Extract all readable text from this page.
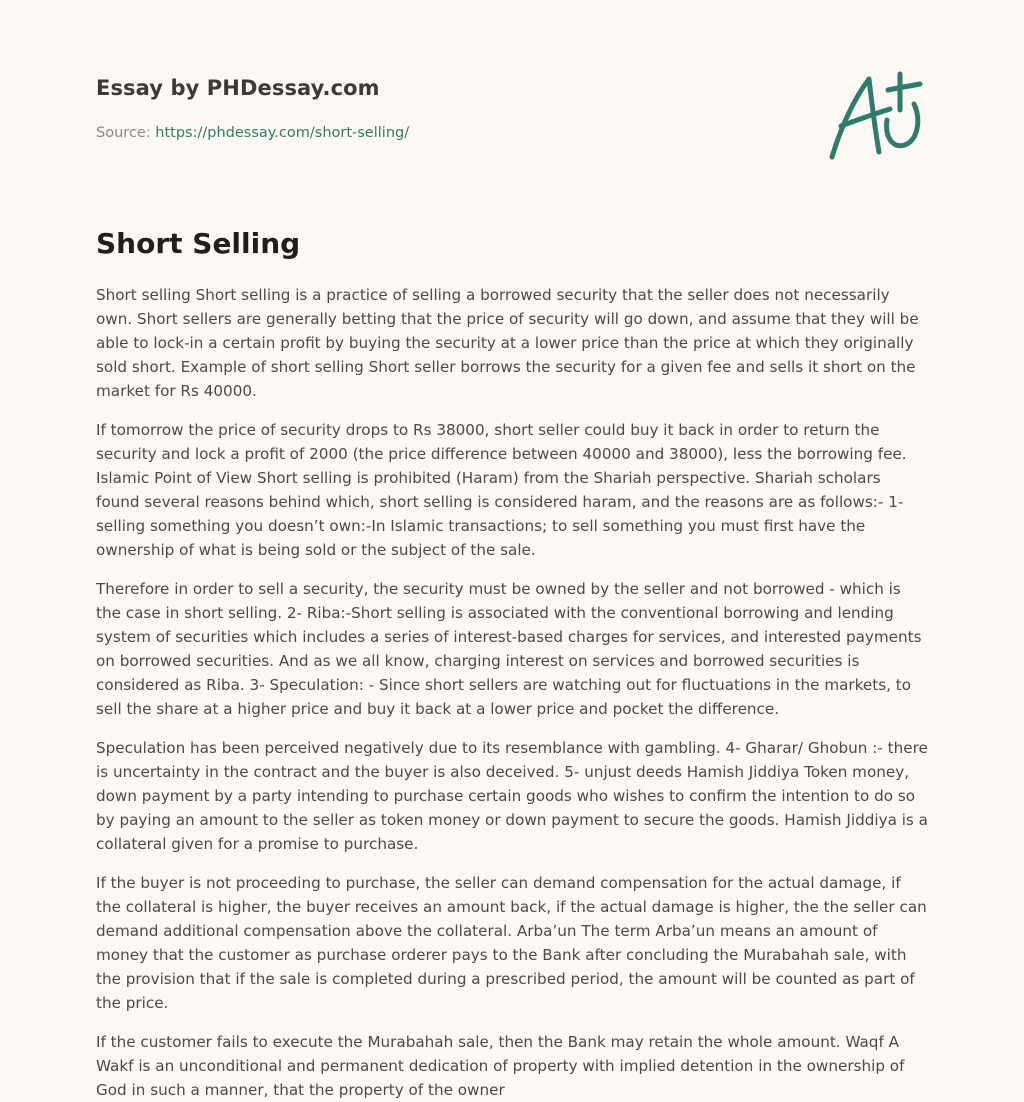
Essay by PHDessay.com
Source: https://phdessay.com/short-selling/
Short Selling

Short selling Short selling is a practice of selling a borrowed security that the seller does not necessarily own. Short sellers are generally betting that the price of security will go down, and assume that they will be able to lock-in a certain profit by buying the security at a lower price than the price at which they originally sold short. Example of short selling Short seller borrows the security for a given fee and sells it short on the market for Rs 40000.

If tomorrow the price of security drops to Rs 38000, short seller could buy it back in order to return the security and lock a profit of 2000 (the price difference between 40000 and 38000), less the borrowing fee. Islamic Point of View Short selling is prohibited (Haram) from the Shariah perspective. Shariah scholars found several reasons behind which, short selling is considered haram, and the reasons are as follows:- 1- selling something you doesn’t own:-In Islamic transactions; to sell something you must first have the ownership of what is being sold or the subject of the sale.

Therefore in order to sell a security, the security must be owned by the seller and not borrowed - which is the case in short selling. 2- Riba:-Short selling is associated with the conventional borrowing and lending system of securities which includes a series of interest-based charges for services, and interested payments on borrowed securities. And as we all know, charging interest on services and borrowed securities is considered as Riba. 3- Speculation: - Since short sellers are watching out for fluctuations in the markets, to sell the share at a higher price and buy it back at a lower price and pocket the difference.

Speculation has been perceived negatively due to its resemblance with gambling. 4- Gharar/ Ghobun :- there is uncertainty in the contract and the buyer is also deceived. 5- unjust deeds Hamish Jiddiya Token money, down payment by a party intending to purchase certain goods who wishes to confirm the intention to do so by paying an amount to the seller as token money or down payment to secure the goods. Hamish Jiddiya is a collateral given for a promise to purchase.

If the buyer is not proceeding to purchase, the seller can demand compensation for the actual damage, if the collateral is higher, the buyer receives an amount back, if the actual damage is higher, the the seller can demand additional compensation above the collateral. Arba’un The term Arba’un means an amount of money that the customer as purchase orderer pays to the Bank after concluding the Murabahah sale, with the provision that if the sale is completed during a prescribed period, the amount will be counted as part of the price.

If the customer fails to execute the Murabahah sale, then the Bank may retain the whole amount. Waqf A Wakf is an unconditional and permanent dedication of property with implied detention in the ownership of God in such a manner, that the property of the owner
